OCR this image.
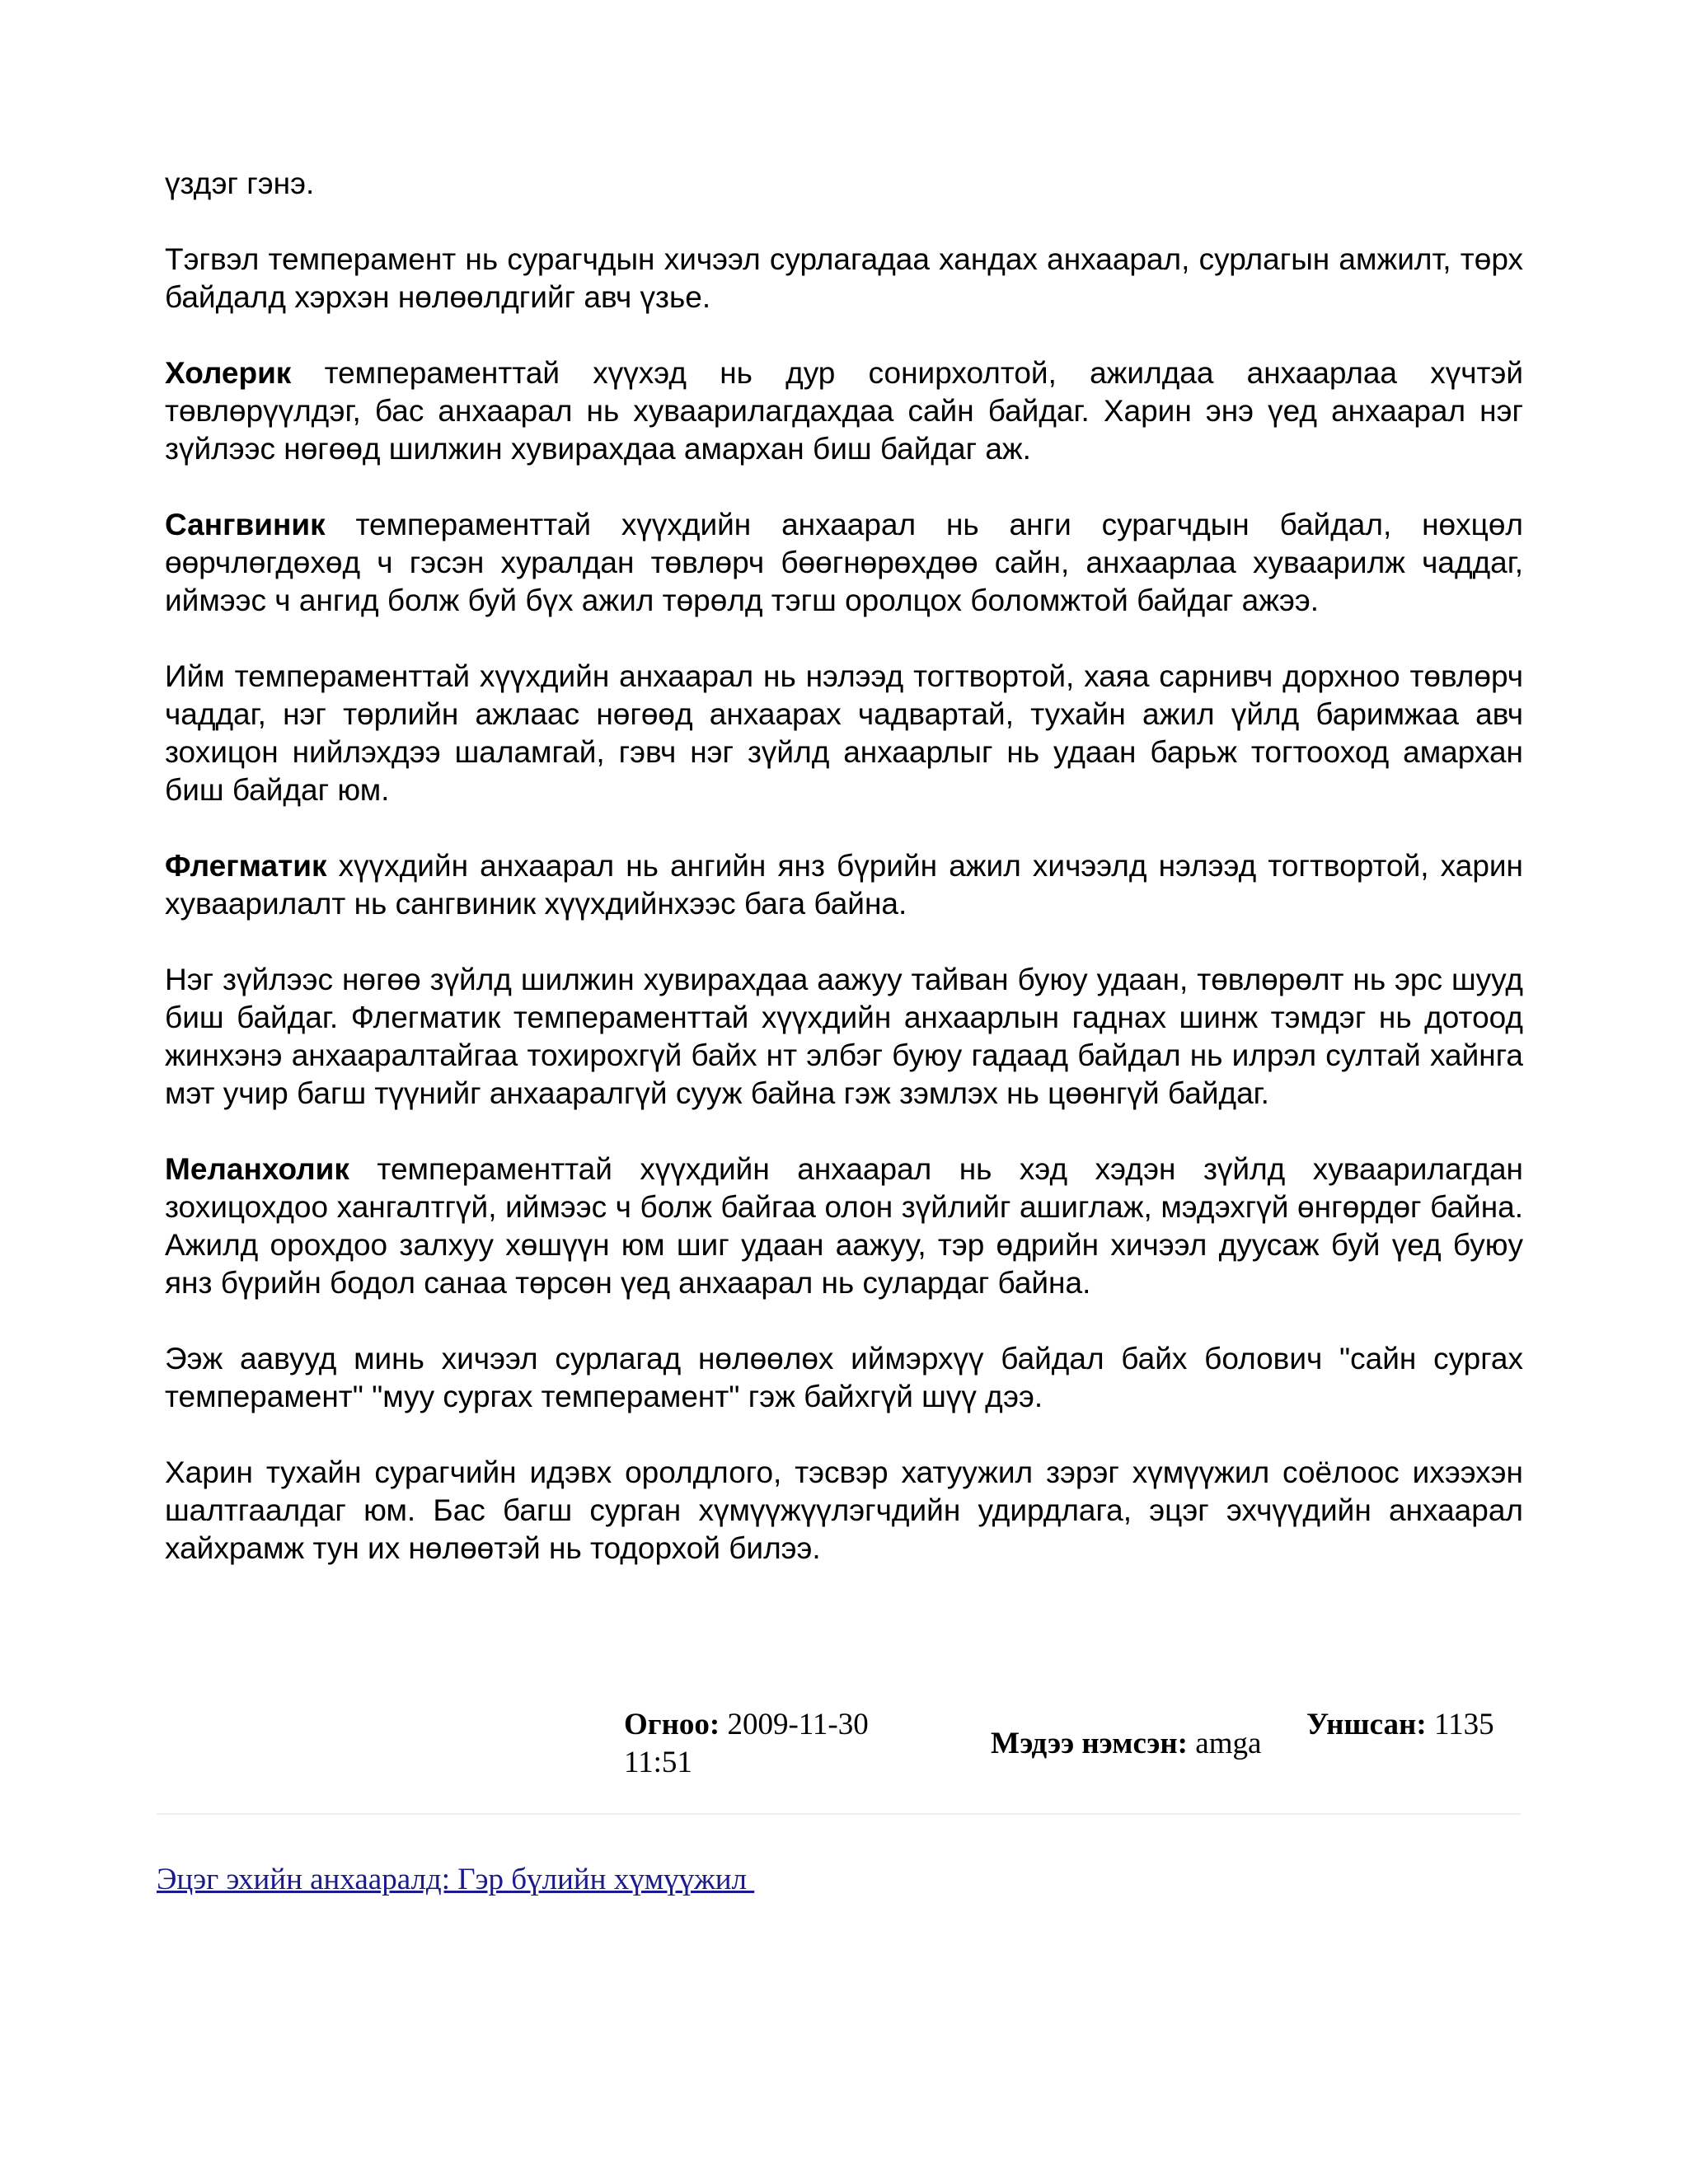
үздэг гэнэ.

Тэгвэл темперамент нь сурагчдын хичээл сурлагадаа хандах анхаарал, сурлагын амжилт, төрх байдалд хэрхэн нөлөөлдгийг авч үзье.

Холерик темпераменттай хүүхэд нь дур сонирхолтой, ажилдаа анхаарлаа хүчтэй төвлөрүүлдэг, бас анхаарал нь хуваарилагдахдаа сайн байдаг. Харин энэ үед анхаарал нэг зүйлээс нөгөөд шилжин хувирахдаа амархан биш байдаг аж.

Сангвиник темпераменттай хүүхдийн анхаарал нь анги сурагчдын байдал, нөхцөл өөрчлөгдөхөд ч гэсэн хуралдан төвлөрч бөөгнөрөхдөө сайн, анхаарлаа хуваарилж чаддаг, иймээс ч ангид болж буй бүх ажил төрөлд тэгш оролцох боломжтой байдаг ажээ.

Ийм темпераменттай хүүхдийн анхаарал нь нэлээд тогтвортой, хаяа сарнивч дорхноо төвлөрч чаддаг, нэг төрлийн ажлаас нөгөөд анхаарах чадвартай, тухайн ажил үйлд баримжаа авч зохицон нийлэхдээ шаламгай, гэвч нэг зүйлд анхаарлыг нь удаан барьж тогтооход амархан биш байдаг юм.

Флегматик хүүхдийн анхаарал нь ангийн янз бүрийн ажил хичээлд нэлээд тогтвортой, харин хуваарилалт нь сангвиник хүүхдийнхээс бага байна.

Нэг зүйлээс нөгөө зүйлд шилжин хувирахдаа аажуу тайван буюу удаан, төвлөрөлт нь эрс шууд биш байдаг. Флегматик темпераменттай хүүхдийн анхаарлын гаднах шинж тэмдэг нь дотоод жинхэнэ анхааралтайгаа тохирохгүй байх нт элбэг буюу гадаад байдал нь илрэл султай хайнга мэт учир багш түүнийг анхааралгүй сууж байна гэж зэмлэх нь цөөнгүй байдаг.

Меланхолик темпераменттай хүүхдийн анхаарал нь хэд хэдэн зүйлд хуваарилагдан зохицохдоо хангалтгүй, иймээс ч болж байгаа олон зүйлийг ашиглаж, мэдэхгүй өнгөрдөг байна. Ажилд орохдоо залхуу хөшүүн юм шиг удаан аажуу, тэр өдрийн хичээл дуусаж буй үед буюу янз бүрийн бодол санаа төрсөн үед анхаарал нь сулардаг байна.

Ээж аавууд минь хичээл сурлагад нөлөөлөх иймэрхүү байдал байх болович "сайн сургах темперамент" "муу сургах темперамент" гэж байхгүй шүү дээ.

Харин тухайн сурагчийн идэвх оролдлого, тэсвэр хатуужил зэрэг хүмүүжил соёлоос ихээхэн шалтгаалдаг юм. Бас багш сурган хүмүүжүүлэгчдийн удирдлага, эцэг эхчүүдийн анхаарал хайхрамж тун их нөлөөтэй нь тодорхой билээ.

Огноо: 2009-11-30 11:51
Мэдээ нэмсэн: amga
Уншсан: 1135
Эцэг эхийн анхааралд: Гэр бүлийн хүмүүжил
